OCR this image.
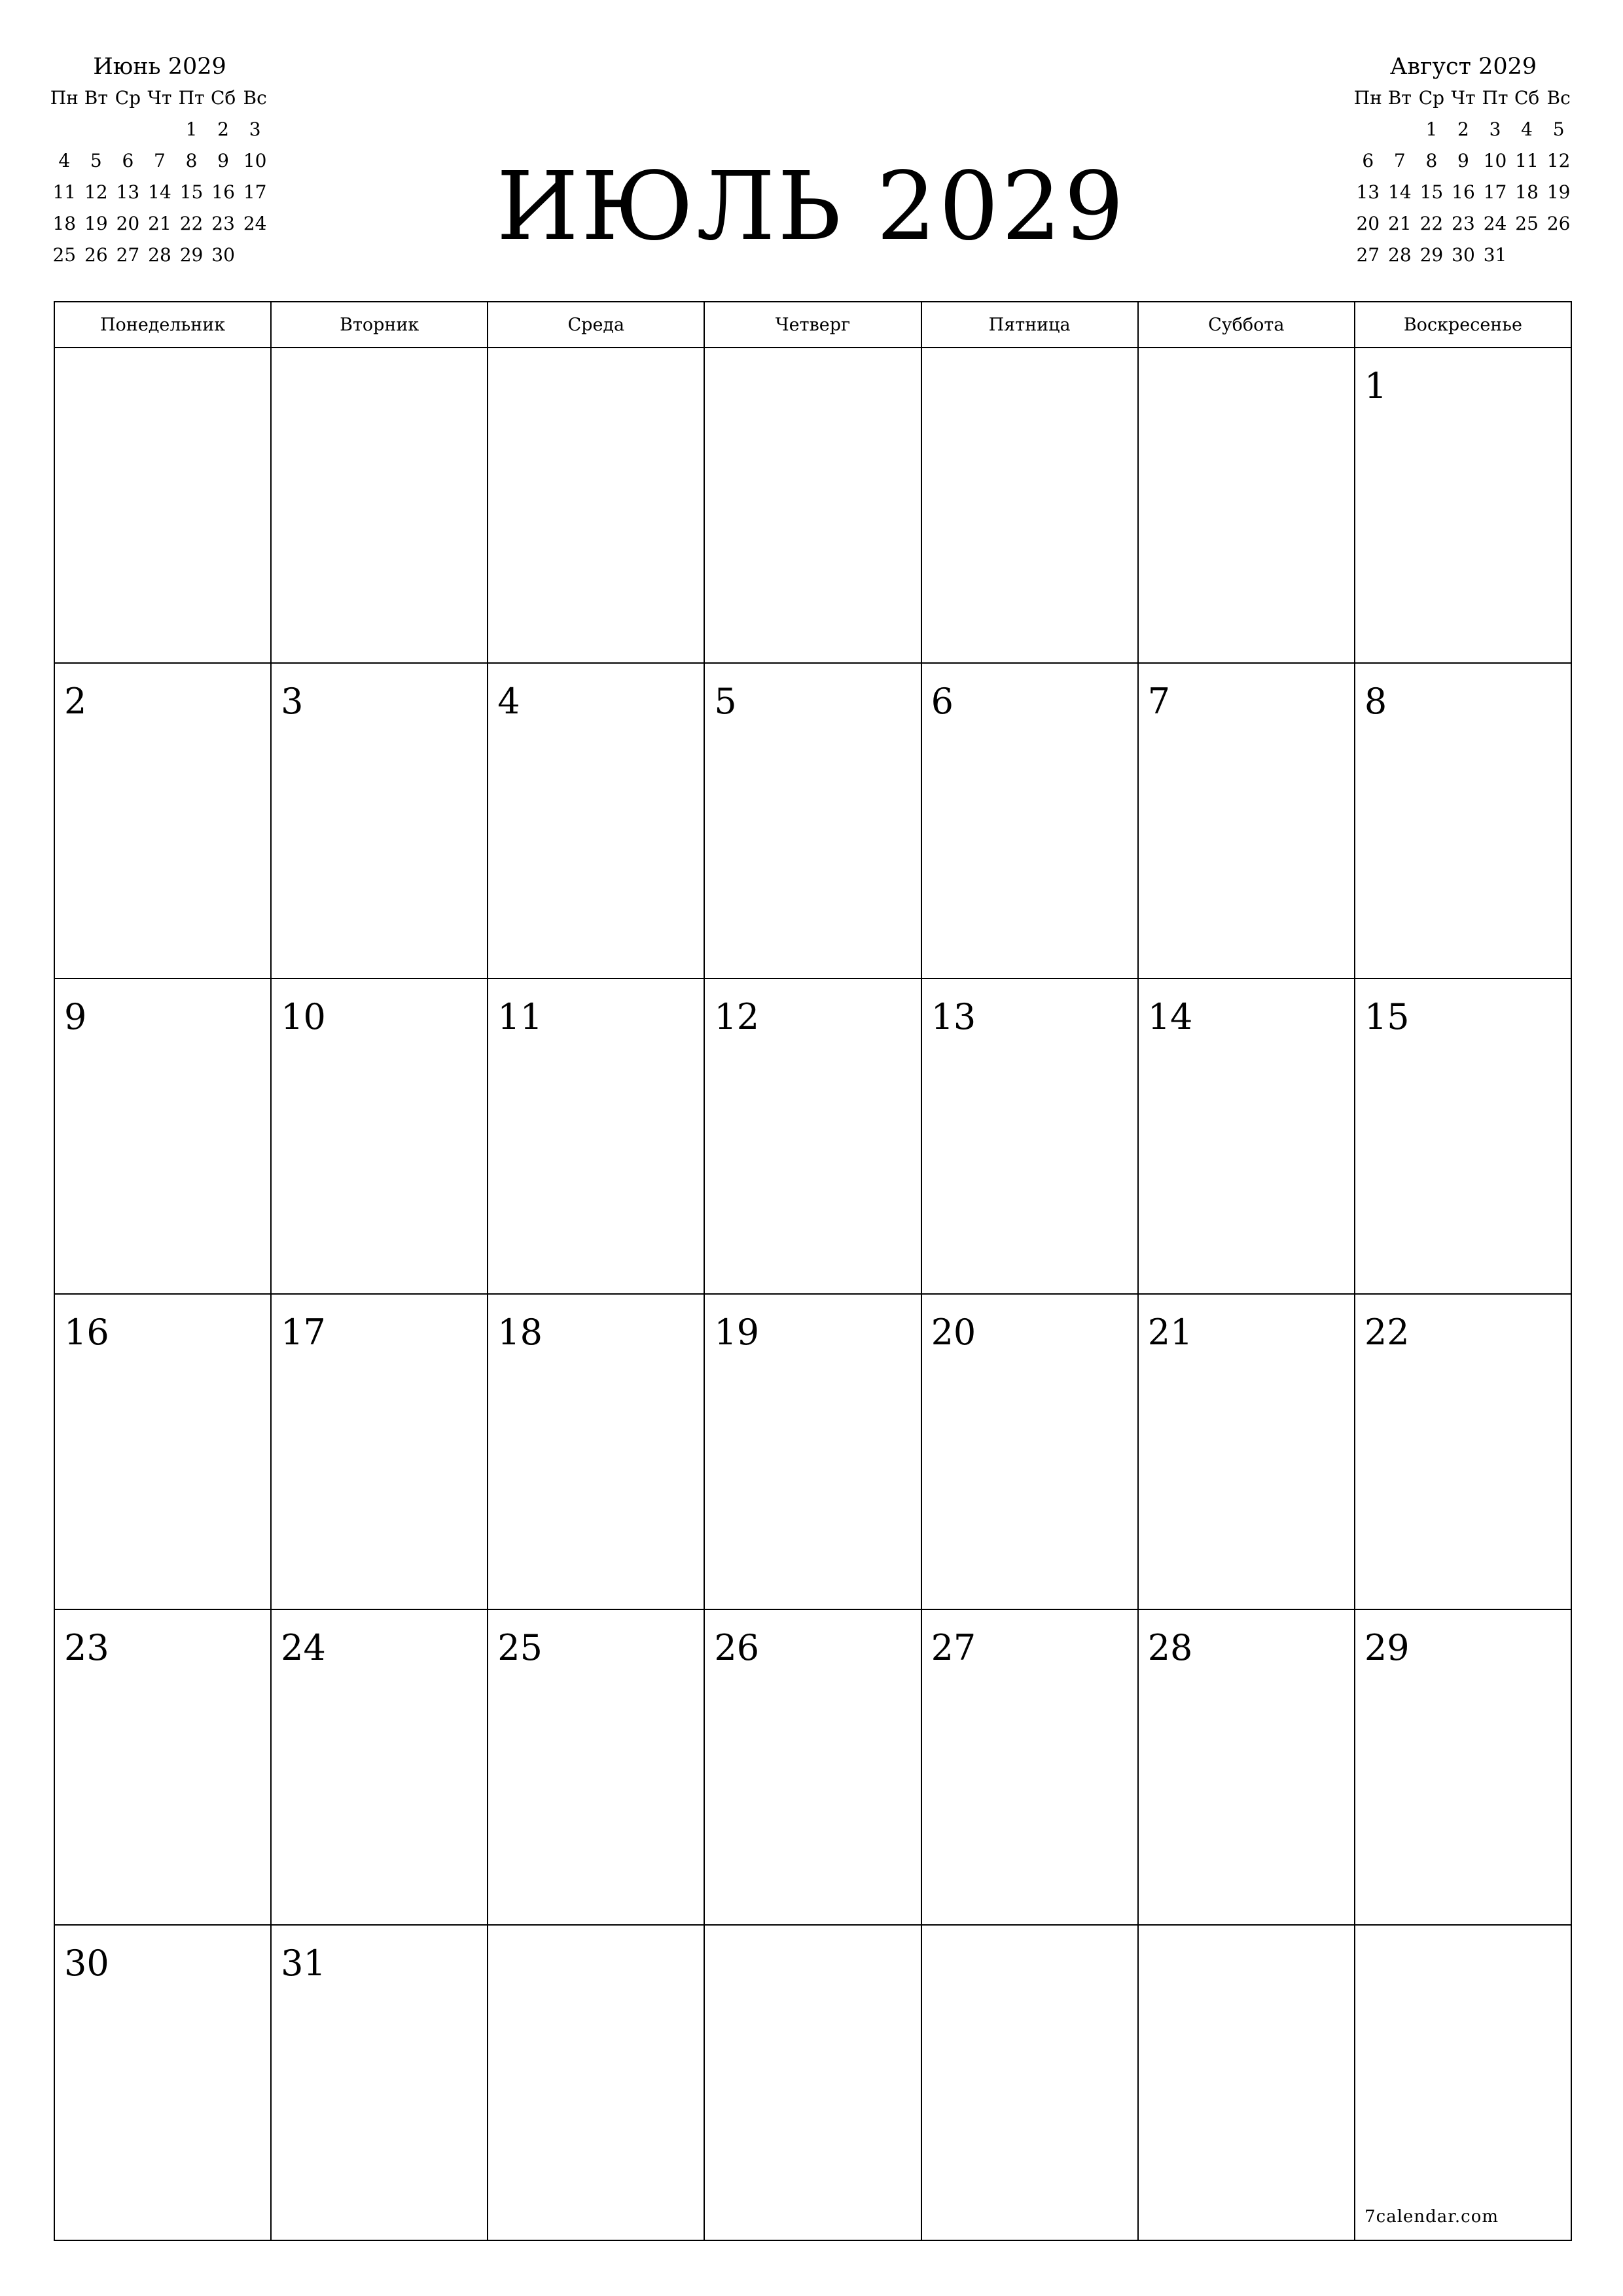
Июнь 2029
Пн	Вт	Ср	Чт	Пт	Сб	Вс
				1	2	3
4	5	6	7	8	9	10
11	12	13	14	15	16	17
18	19	20	21	22	23	24
25	26	27	28	29	30		ИЮЛЬ 2029
Август 2029
Пн	Вт	Ср	Чт	Пт	Сб	Вс
		1	2	3	4	5
6	7	8	9	10	11	12
13	14	15	16	17	18	19
20	21	22	23	24	25	26
27	28	29	30	31		
Понедельник	Вторник	Среда	Четверг	Пятница	Суббота	Воскресенье

						1

2	3	4	5	6	7	8

9	10	11	12	13	14	15

16	17	18	19	20	21	22

23	24	25	26	27	28	29

30	31					7calendar.com
